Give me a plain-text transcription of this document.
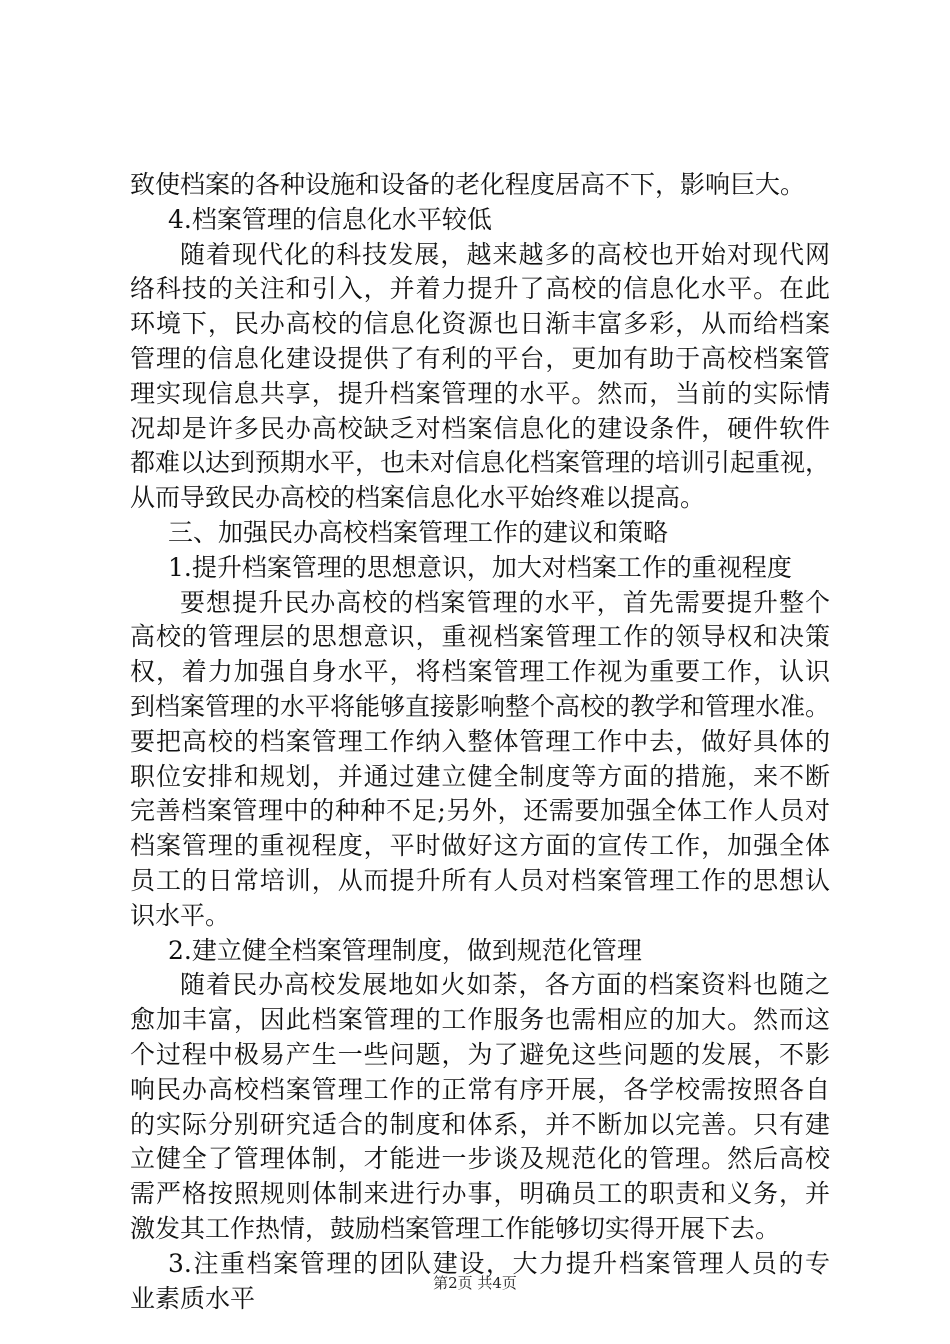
致使档案的各种设施和设备的老化程度居高不下，影响巨大。
4.档案管理的信息化水平较低
随着现代化的科技发展，越来越多的高校也开始对现代网
络科技的关注和引入，并着力提升了高校的信息化水平。在此
环境下，民办高校的信息化资源也日渐丰富多彩，从而给档案
管理的信息化建设提供了有利的平台，更加有助于高校档案管
理实现信息共享，提升档案管理的水平。然而，当前的实际情
况却是许多民办高校缺乏对档案信息化的建设条件，硬件软件
都难以达到预期水平，也未对信息化档案管理的培训引起重视，
从而导致民办高校的档案信息化水平始终难以提高。
三、加强民办高校档案管理工作的建议和策略
1.提升档案管理的思想意识，加大对档案工作的重视程度
要想提升民办高校的档案管理的水平，首先需要提升整个
高校的管理层的思想意识，重视档案管理工作的领导权和决策
权，着力加强自身水平，将档案管理工作视为重要工作，认识
到档案管理的水平将能够直接影响整个高校的教学和管理水准。
要把高校的档案管理工作纳入整体管理工作中去，做好具体的
职位安排和规划，并通过建立健全制度等方面的措施，来不断
完善档案管理中的种种不足;另外，还需要加强全体工作人员对
档案管理的重视程度，平时做好这方面的宣传工作，加强全体
员工的日常培训，从而提升所有人员对档案管理工作的思想认
识水平。
2.建立健全档案管理制度，做到规范化管理
随着民办高校发展地如火如荼，各方面的档案资料也随之
愈加丰富，因此档案管理的工作服务也需相应的加大。然而这
个过程中极易产生一些问题，为了避免这些问题的发展，不影
响民办高校档案管理工作的正常有序开展，各学校需按照各自
的实际分别研究适合的制度和体系，并不断加以完善。只有建
立健全了管理体制，才能进一步谈及规范化的管理。然后高校
需严格按照规则体制来进行办事，明确员工的职责和义务，并
激发其工作热情，鼓励档案管理工作能够切实得开展下去。
3.注重档案管理的团队建设，大力提升档案管理人员的专
业素质水平
第2页 共4页
